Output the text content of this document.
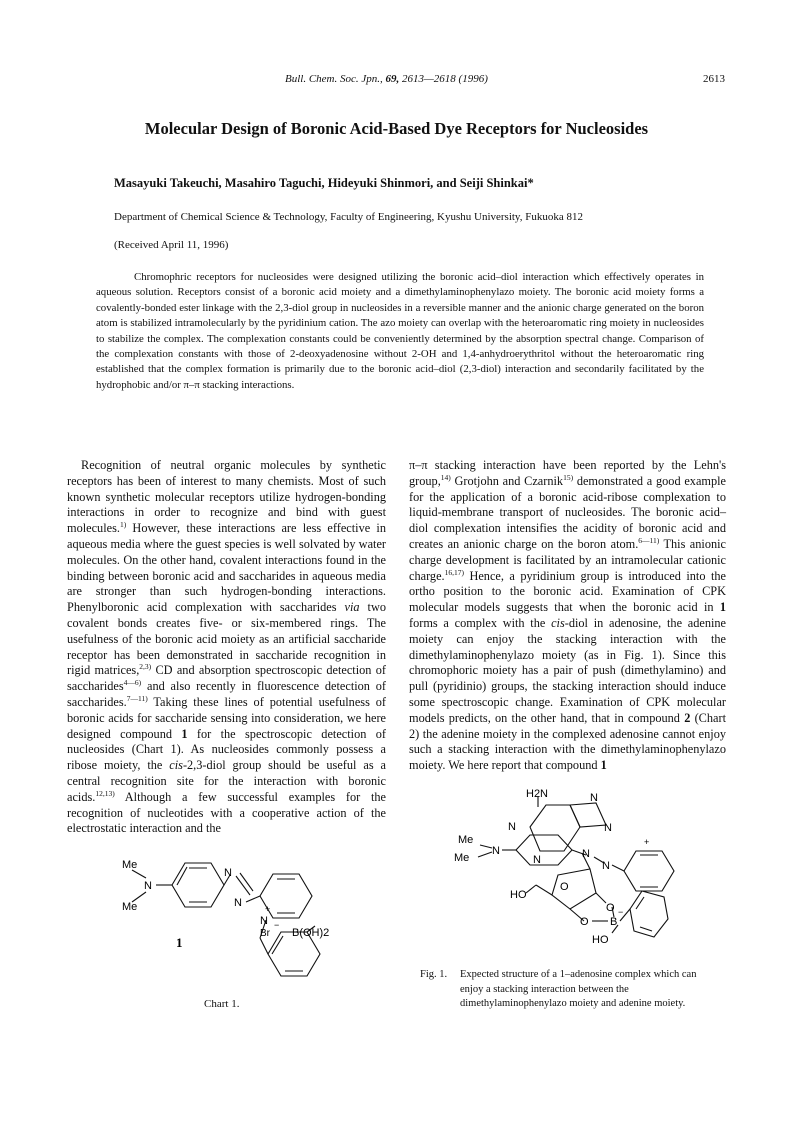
Bull. Chem. Soc. Jpn., 69, 2613—2618 (1996)	2613
Molecular Design of Boronic Acid-Based Dye Receptors for Nucleosides
Masayuki Takeuchi, Masahiro Taguchi, Hideyuki Shinmori, and Seiji Shinkai*
Department of Chemical Science & Technology, Faculty of Engineering, Kyushu University, Fukuoka 812
(Received April 11, 1996)
Chromophric receptors for nucleosides were designed utilizing the boronic acid–diol interaction which effectively operates in aqueous solution. Receptors consist of a boronic acid moiety and a dimethylaminophenylazo moiety. The boronic acid moiety forms a covalently-bonded ester linkage with the 2,3-diol group in nucleosides in a reversible manner and the anionic charge generated on the boron atom is stabilized intramolecularly by the pyridinium cation. The azo moiety can overlap with the heteroaromatic ring moiety in nucleosides to stabilize the complex. The complexation constants could be conveniently determined by the absorption spectral change. Comparison of the complexation constants with those of 2-deoxyadenosine without 2-OH and 1,4-anhydroerythritol without the heteroaromatic ring established that the complex formation is primarily due to the boronic acid–diol (2,3-diol) interaction and secondarily facilitated by the hydrophobic and/or π–π stacking interactions.

Recognition of neutral organic molecules by synthetic receptors has been of interest to many chemists. Most of such known synthetic molecular receptors utilize hydrogen-bonding interactions in order to recognize and bind with guest molecules.$^{1)}$ However, these interactions are less effective in aqueous media where the guest species is well solvated by water molecules. On the other hand, covalent interactions found in the binding between boronic acid and saccharides in aqueous media are stronger than such hydrogen-bonding interactions. Phenylboronic acid complexation with saccharides via two covalent bonds creates five- or six-membered rings. The usefulness of the boronic acid moiety as an artificial saccharide receptor has been demonstrated in saccharide recognition in rigid matrices,$^{2,3)}$ CD and absorption spectroscopic detection of saccharides$^{4—6)}$ and also recently in fluorescence detection of saccharides.$^{7—11)}$ Taking these lines of potential usefulness of boronic acids for saccharide sensing into consideration, we here designed compound 1 for the spectroscopic detection of nucleosides (Chart 1). As nucleosides commonly possess a ribose moiety, the cis-2,3-diol group should be useful as a central recognition site for the interaction with boronic acids.$^{12,13)}$ Although a few successful examples for the recognition of nucleotides with a cooperative action of the electrostatic interaction and the

π–π stacking interaction have been reported by the Lehn's group,$^{14)}$ Grotjohn and Czarnik$^{15)}$ demonstrated a good example for the application of a boronic acid-ribose complexation to liquid-membrane transport of nucleosides. The boronic acid–diol complexation intensifies the acidity of boronic acid and creates an anionic charge on the boron atom.$^{6—11)}$ This anionic charge development is facilitated by an intramolecular cationic charge.$^{16,17)}$ Hence, a pyridinium group is introduced into the ortho position to the boronic acid. Examination of CPK molecular models suggests that when the boronic acid in 1 forms a complex with the cis-diol in adenosine, the adenine moiety can enjoy the stacking interaction with the dimethylaminophenylazo moiety (as in Fig. 1). Since this chromophoric moiety has a pair of push (dimethylamino) and pull (pyridinio) groups, the stacking interaction should induce some spectroscopic change. Examination of CPK molecular models predicts, on the other hand, that in compound 2 (Chart 2) the adenine moiety in the complexed adenosine cannot enjoy such a stacking interaction with the dimethylaminophenylazo moiety. We here report that compound 1

Me
N
Me
N
N
N
+
Br
−
B(OH)2
1
Chart 1.
H2N	N
N	N
N
Me
Me
N	N
N
+
HO
O
O
O B
−
HO
Fig. 1. Expected structure of a 1–adenosine complex which can enjoy a stacking interaction between the dimethylaminophenylazo moiety and adenine moiety.
